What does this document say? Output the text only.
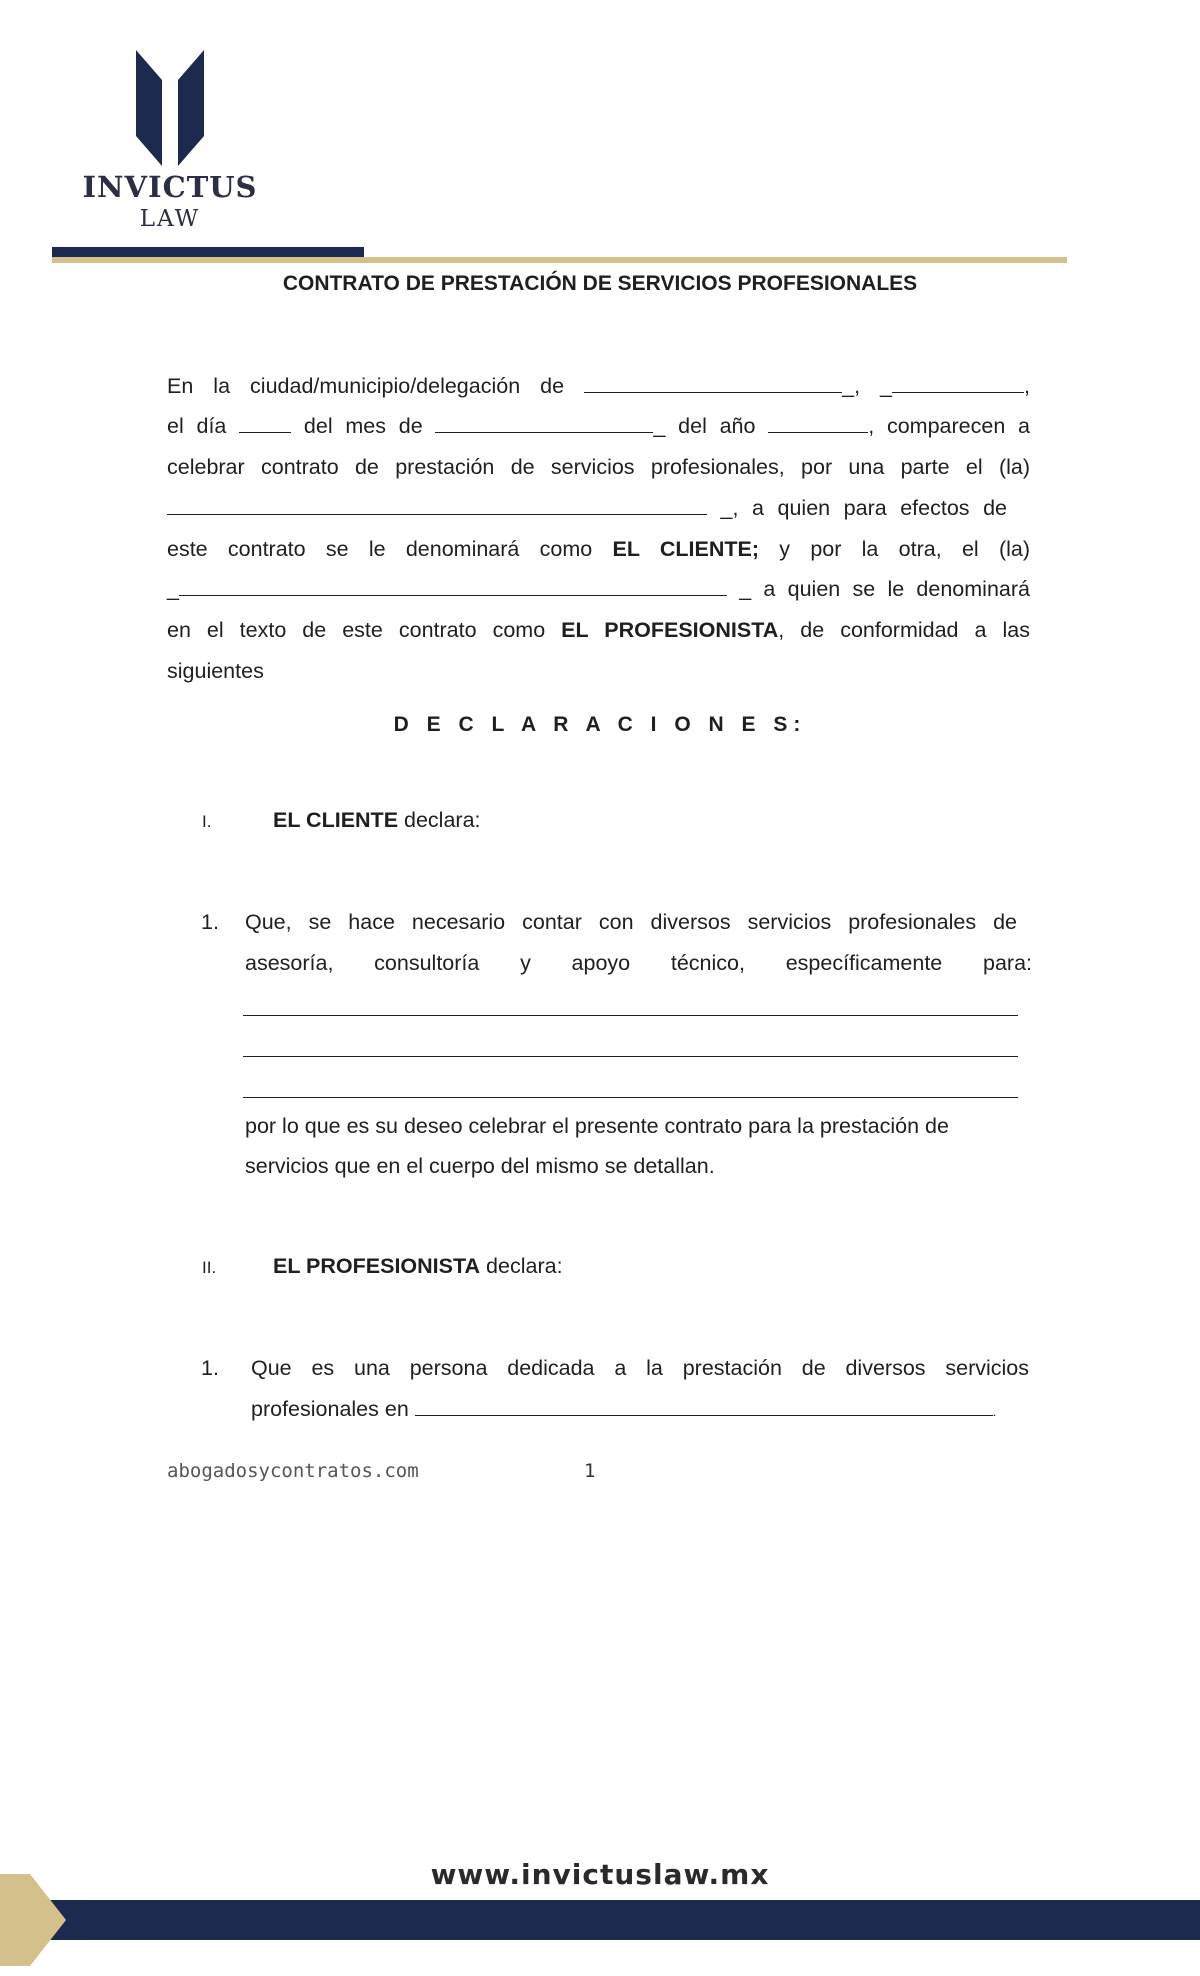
INVICTUS
LAW
CONTRATO DE PRESTACIÓN DE SERVICIOS PROFESIONALES
En la ciudad/municipio/delegación de	_, _	,
el día	del mes de	_ del año	, comparecen a
celebrar contrato de prestación de servicios profesionales, por una parte el (la)
_, a quien para efectos de
este contrato se le denominará como EL CLIENTE; y por la otra, el (la)
_	_ a quien se le denominará
en el texto de este contrato como EL PROFESIONISTA, de conformidad a las
siguientes
D E C L A R A C I O N E S:
I.	EL CLIENTE declara:
1. Que, se hace necesario contar con diversos servicios profesionales de
asesoría, consultoría y apoyo técnico, específicamente para:
por lo que es su deseo celebrar el presente contrato para la prestación de
servicios que en el cuerpo del mismo se detallan.
II.	EL PROFESIONISTA declara:
1. Que es una persona dedicada a la prestación de diversos servicios
profesionales en	.
abogadosycontratos.com	1
www.invictuslaw.mx
